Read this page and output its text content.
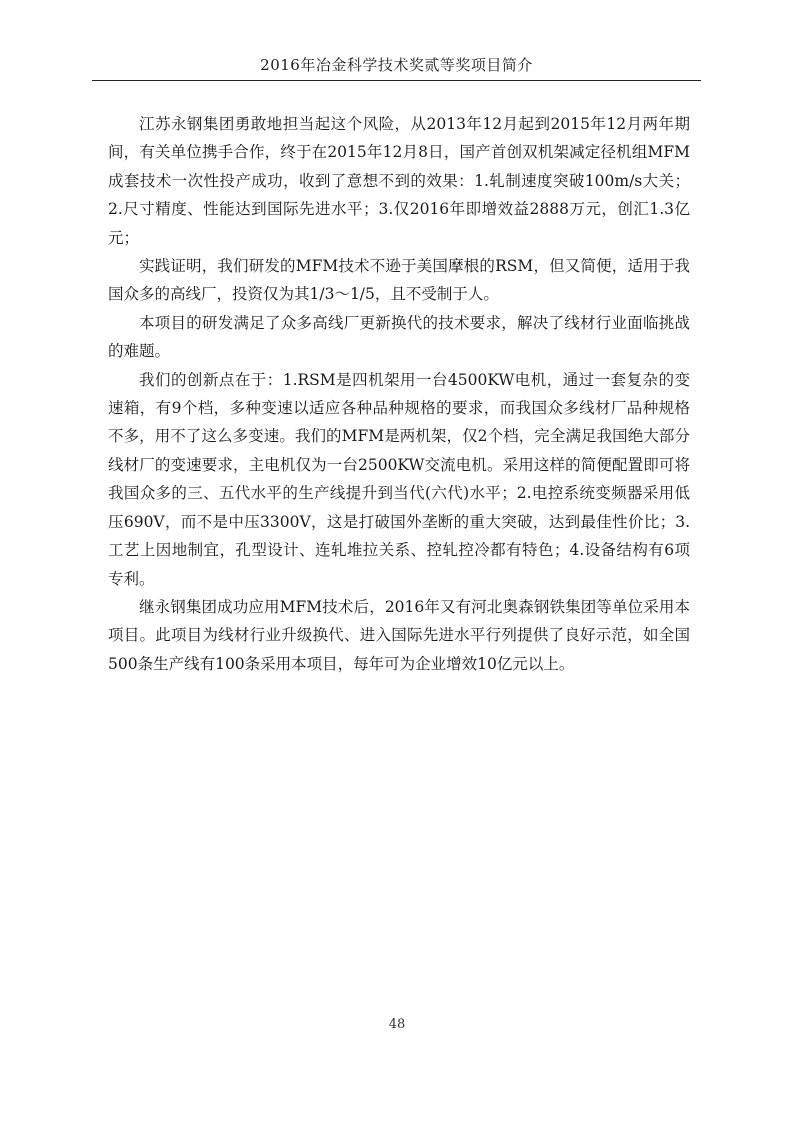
2016年冶金科学技术奖贰等奖项目简介

江苏永钢集团勇敢地担当起这个风险，从2013年12月起到2015年12月两年期间，有关单位携手合作，终于在2015年12月8日，国产首创双机架减定径机组MFM成套技术一次性投产成功，收到了意想不到的效果：1.轧制速度突破100m/s大关；2.尺寸精度、性能达到国际先进水平；3.仅2016年即增效益2888万元，创汇1.3亿元；

实践证明，我们研发的MFM技术不逊于美国摩根的RSM，但又简便，适用于我国众多的高线厂，投资仅为其1/3～1/5，且不受制于人。

本项目的研发满足了众多高线厂更新换代的技术要求，解决了线材行业面临挑战的难题。

我们的创新点在于：1.RSM是四机架用一台4500KW电机，通过一套复杂的变速箱，有9个档，多种变速以适应各种品种规格的要求，而我国众多线材厂品种规格不多，用不了这么多变速。我们的MFM是两机架，仅2个档，完全满足我国绝大部分线材厂的变速要求，主电机仅为一台2500KW交流电机。采用这样的简便配置即可将我国众多的三、五代水平的生产线提升到当代(六代)水平；2.电控系统变频器采用低压690V，而不是中压3300V，这是打破国外垄断的重大突破，达到最佳性价比；3.工艺上因地制宜，孔型设计、连轧堆拉关系、控轧控冷都有特色；4.设备结构有6项专利。

继永钢集团成功应用MFM技术后，2016年又有河北奥森钢铁集团等单位采用本项目。此项目为线材行业升级换代、进入国际先进水平行列提供了良好示范，如全国500条生产线有100条采用本项目，每年可为企业增效10亿元以上。

48
